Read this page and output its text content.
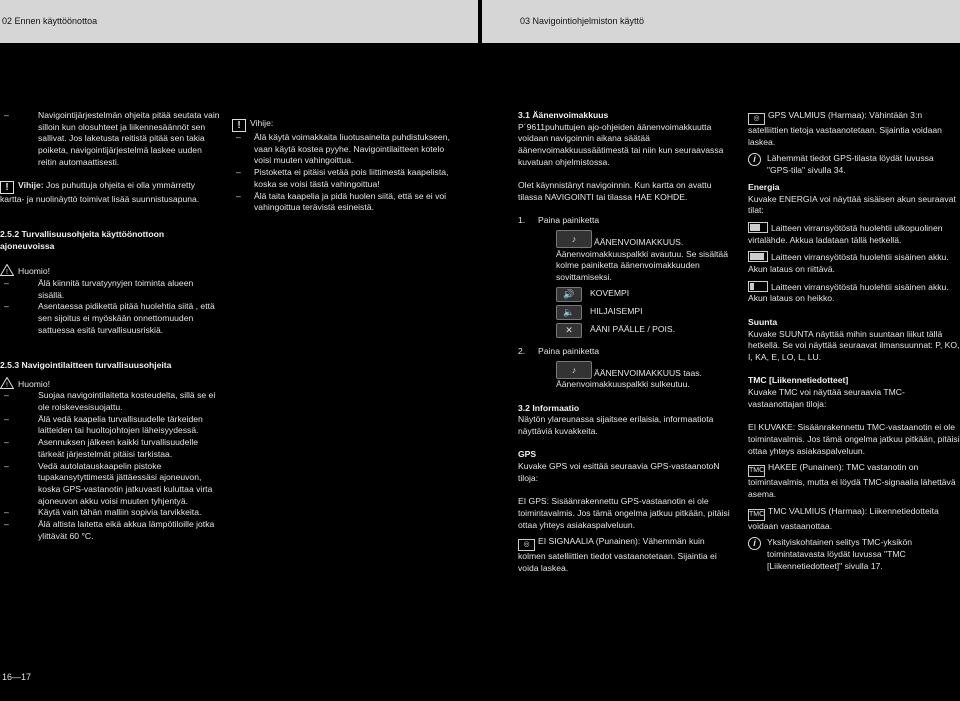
02 Ennen käyttöönottoa	03 Navigointiohjelmiston käyttö
–	Navigointijärjestelmän ohjeita pitää seutata vain silloin kun olosuhteet ja liikennesäännöt sen sallivat. Jos laketusta reitistä pitää sen takia poiketa, navigointijärjestelmä laskee uuden reitin automaattisesti.

! Vihije: Jos puhuttuja ohjeita ei olla ymmärretty kartta- ja nuolinäyttö toimivat lisää suunnistusapuna.

2.5.2 Turvallisuusohjeita käyttöönottoon ajoneuvoissa

! Huomio!

–	Älä kiinnitä turvatyynyjen toiminta alueen sisällä.
–	Asentaessa pidikettä pitää huolehtia siitä , että sen sijoitus ei myöskään onnettomuuden sattuessa esitä turvallisuusriskiä.

2.5.3 Navigointilaitteen turvallisuusohjeita

! Huomio!

–	Suojaa navigointilaitetta kosteudelta, sillä se ei ole roiskevesisuojattu.
–	Älä vedä kaapelia turvallisuudelle tärkeiden laitteiden tai huoltojohtojen läheisyydessä.
–	Asennuksen jälkeen kaikki turvallisuudelle tärkeät järjestelmät pitäisi tarkistaa.
–	Vedä autolatauskaapelin pistoke tupakansytyttimestä jättäessäsi ajoneuvon, koska GPS-vastanotin jatkuvasti kuluttaa virta ajoneuvon akku voisi muuten tyhjentyä.
–	Käytä vain tähän malliin sopivia tarvikkeita.
–	Älä altista laitetta eikä akkua lämpötiloille jotka ylittävät 60 °C.

! Vihije:

–	Älä käytä voimakkaita liuotusaineita puhdistukseen, vaan käytä kostea pyyhe. Navigointilaitteen kotelo voisi muuten vahingoittua.
–	Pistoketta ei pitäisi vetää pois liittimestä kaapelista, koska se voisi tästä vahingoittua!
–	Älä taita kaapelia ja pidä huolen siitä, että se ei voi vahingoittua terävistä esineistä.

3.1 Äänenvoimakkuus

P´9611puhuttujen ajo-ohjeiden äänenvoimakkuutta voidaan navigoinnin aikana säätää äänenvoimakkuussäätimestä tai niin kun seuraavassa kuvatuan ohjelmistossa.

Olet käynnistänyt navigoinnin. Kun kartta on avattu tilassa NAVIGOINTI tai tilassa HAE KOHDE.

1. Paina painiketta

♪ ÄÄNENVOIMAKKUUS.

Äänenvoimakkuuspalkki avautuu. Se sisältää kolme painiketta äänenvoimakkuuden sovittamiseksi.

🔊	KOVEMPI
🔈	HILJAISEMPI
✕	ÄÄNI PÄÄLLE / POIS.

2. Paina painiketta

♪ ÄÄNENVOIMAKKUUS taas.

Äänenvoimakkuuspalkki sulkeutuu.

3.2 Informaatio

Näytön ylareunassa sijaitsee erilaisia, informaatiota näyttäviä kuvakkeita.

GPS

Kuvake GPS voi esittää seuraavia GPS-vastaanotoN tiloja:

EI GPS: Sisäänrakennettu GPS-vastaanotin ei ole toimintavalmis. Jos tämä ongelma jatkuu pitkään, pitäisi ottaa yhteys asiakaspalveluun.

◎ EI SIGNAALIA (Punainen): Vähemmän kuin kolmen satelliittien tiedot vastaanotetaan. Sijaintia ei voida laskea.

◎ GPS VALMIUS (Harmaa): Vähintään 3:n satelliittien tietoja vastaanotetaan. Sijaintia voidaan laskea.

i	Lähemmät tiedot GPS-tilasta löydät luvussa "GPS-tila" sivulla 34.

Energia

Kuvake ENERGIA voi näyttää sisäisen akun seuraavat tilat:

Laitteen virransyötöstä huolehtii ulkopuolinen virtalähde. Akkua ladataan tällä hetkellä.

Laitteen virransyötöstä huolehtii sisäinen akku. Akun lataus on riittävä.

Laitteen virransyötöstä huolehtii sisäinen akku. Akun lataus on heikko.

Suunta

Kuvake SUUNTA näyttää mihin suuntaan liikut tällä hetkellä. Se voi näyttää seuraavat ilmansuunnat: P, KO, I, KA, E, LO, L, LU.

TMC [Liikennetiedotteet]

Kuvake TMC voi näyttää seuraavia TMC-vastaanottajan tiloja:

EI KUVAKE: Sisäänrakennettu TMC-vastaanotin ei ole toimintavalmis. Jos tämä ongelma jatkuu pitkään, pitäisi ottaa yhteys asiakaspalveluun.

TMC HAKEE (Punainen): TMC vastanotin on toimintavalmis, mutta ei löydä TMC-signaalia lähettävä asema.

TMC TMC VALMIUS (Harmaa): Liikennetiedotteita voidaan vastaanottaa.

i	Yksityiskohtainen selitys TMC-yksikön toimintatavasta löydät luvussa "TMC [Liikennetiedotteet]" sivulla 17.
16—17
